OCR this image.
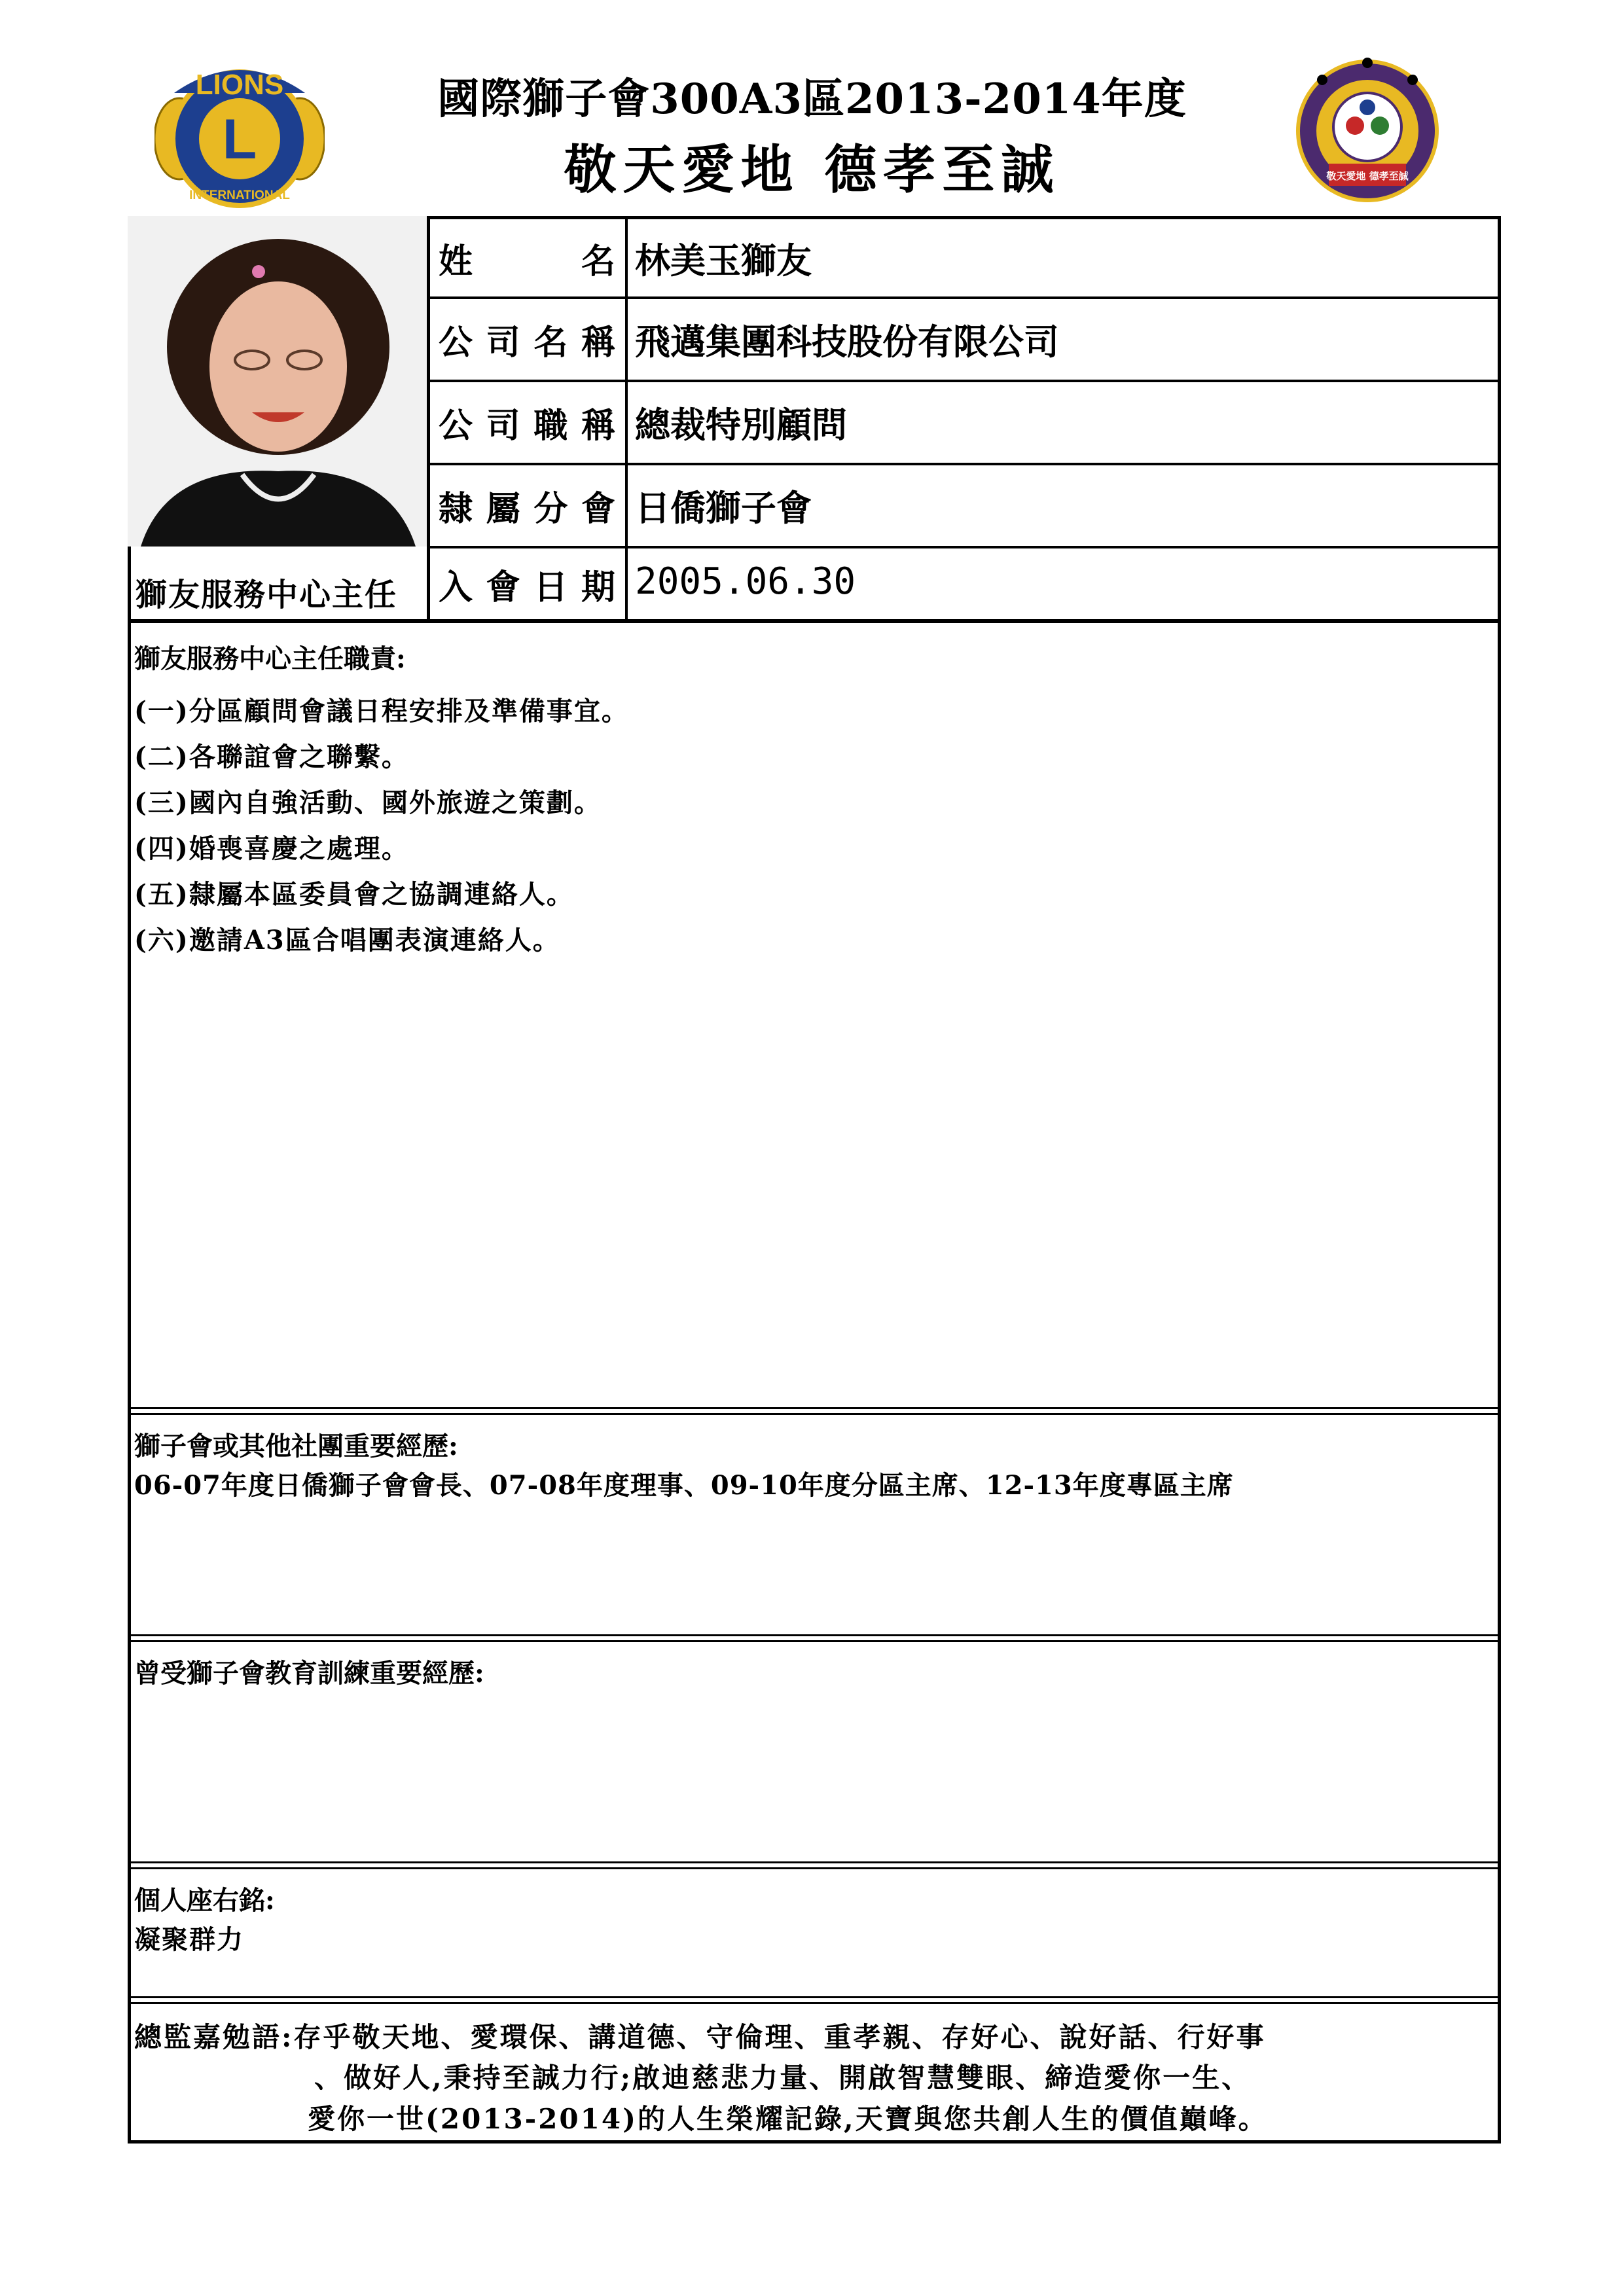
LIONS
L
INTERNATIONAL
國際獅子會300A3區2013-2014年度
敬天愛地 德孝至誠	敬天愛地 德孝至誠
獅友服務中心主任
姓	名
公 司 名 稱
公 司 職 稱
隸 屬 分 會
入 會 日 期
林美玉獅友
飛邁集團科技股份有限公司
總裁特別顧問
日僑獅子會
2005.06.30
獅友服務中心主任職責:
(一)分區顧問會議日程安排及準備事宜。
(二)各聯誼會之聯繫。
(三)國內自強活動、國外旅遊之策劃。
(四)婚喪喜慶之處理。
(五)隸屬本區委員會之協調連絡人。
(六)邀請A3區合唱團表演連絡人。
獅子會或其他社團重要經歷:
06-07年度日僑獅子會會長、07-08年度理事、09-10年度分區主席、12-13年度專區主席
曾受獅子會教育訓練重要經歷:
個人座右銘:
凝聚群力
總監嘉勉語:存乎敬天地、愛環保、講道德、守倫理、重孝親、存好心、說好話、行好事
、做好人,秉持至誠力行;啟迪慈悲力量、開啟智慧雙眼、締造愛你一生、
愛你一世(2013-2014)的人生榮耀記錄,天寶與您共創人生的價值巔峰。
